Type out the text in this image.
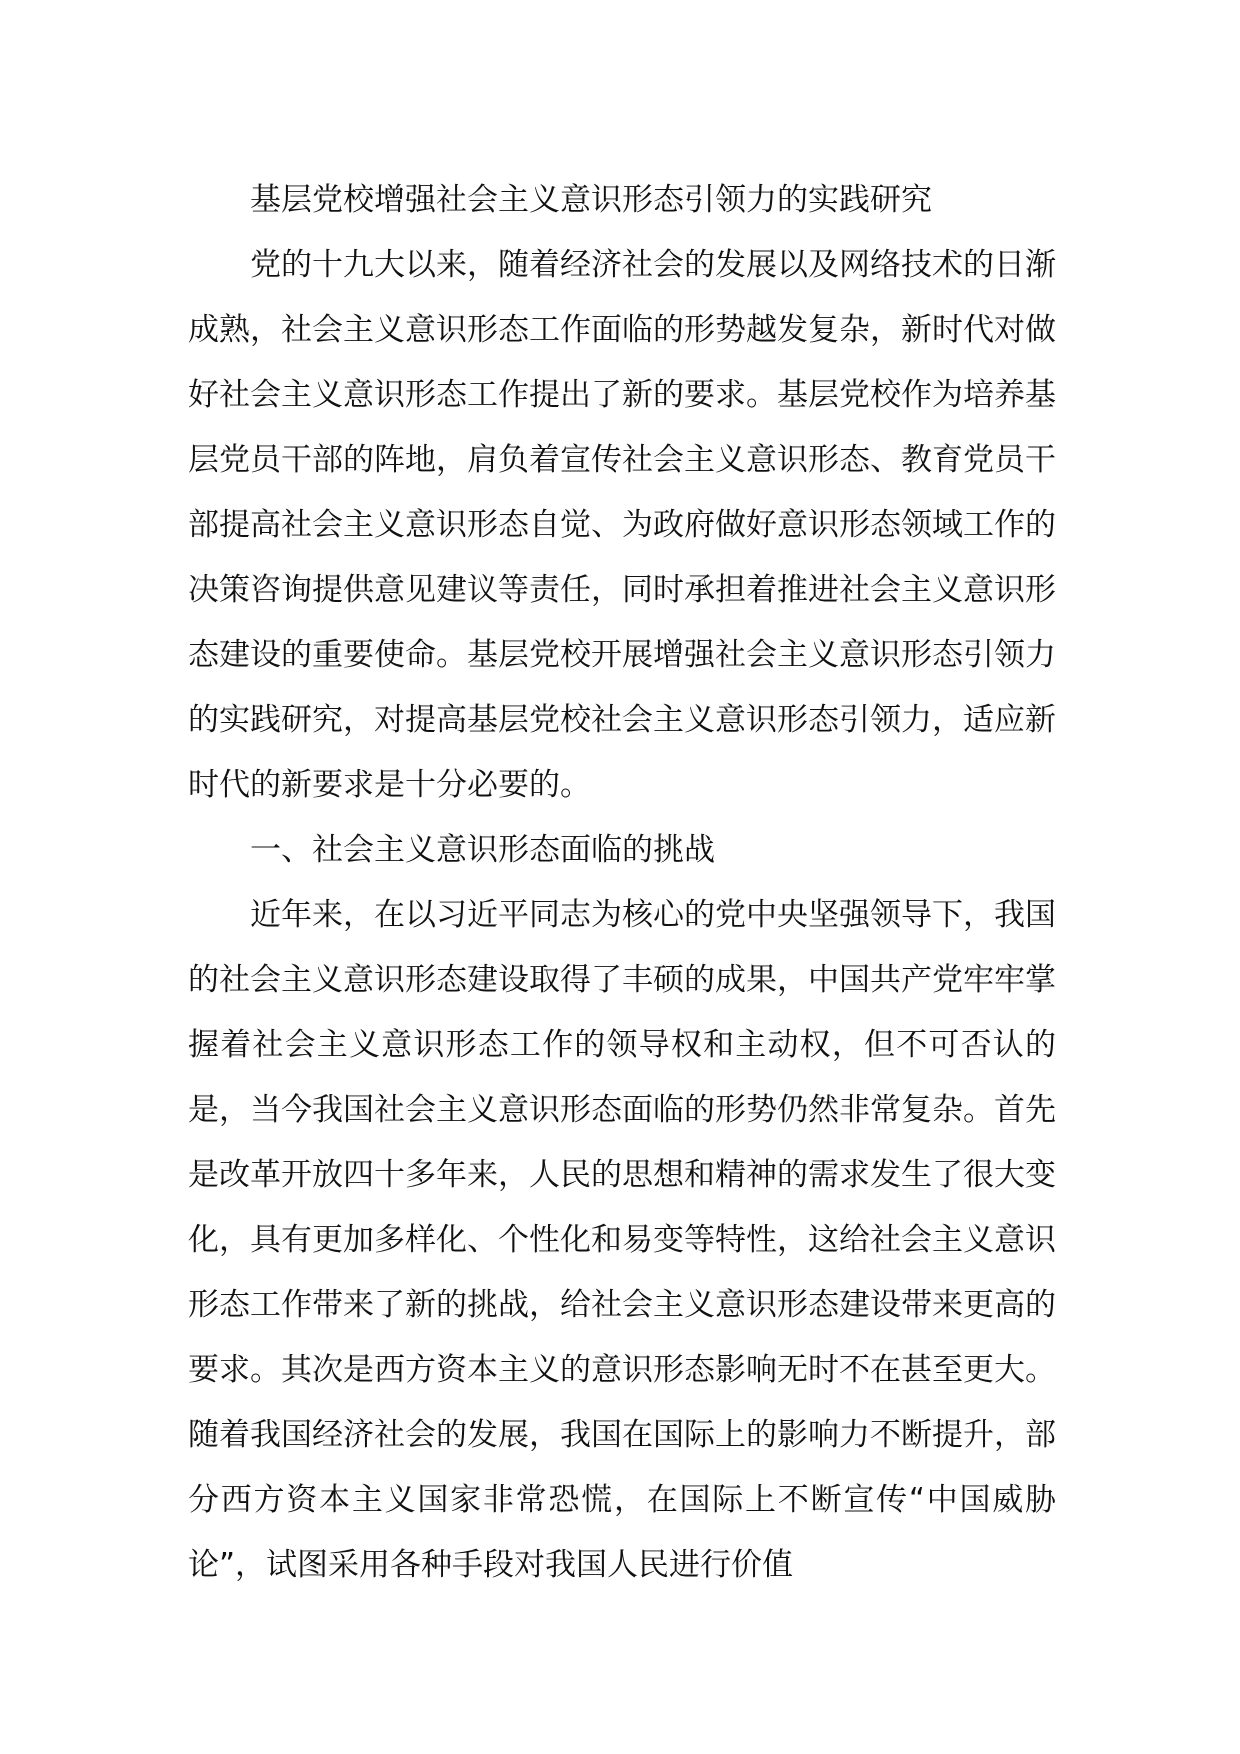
基层党校增强社会主义意识形态引领力的实践研究

党的十九大以来，随着经济社会的发展以及网络技术的日渐成熟，社会主义意识形态工作面临的形势越发复杂，新时代对做好社会主义意识形态工作提出了新的要求。基层党校作为培养基层党员干部的阵地，肩负着宣传社会主义意识形态、教育党员干部提高社会主义意识形态自觉、为政府做好意识形态领域工作的决策咨询提供意见建议等责任，同时承担着推进社会主义意识形态建设的重要使命。基层党校开展增强社会主义意识形态引领力的实践研究，对提高基层党校社会主义意识形态引领力，适应新时代的新要求是十分必要的。

一、社会主义意识形态面临的挑战

近年来，在以习近平同志为核心的党中央坚强领导下，我国的社会主义意识形态建设取得了丰硕的成果，中国共产党牢牢掌握着社会主义意识形态工作的领导权和主动权，但不可否认的是，当今我国社会主义意识形态面临的形势仍然非常复杂。首先是改革开放四十多年来，人民的思想和精神的需求发生了很大变化，具有更加多样化、个性化和易变等特性，这给社会主义意识形态工作带来了新的挑战，给社会主义意识形态建设带来更高的要求。其次是西方资本主义的意识形态影响无时不在甚至更大。随着我国经济社会的发展，我国在国际上的影响力不断提升，部分西方资本主义国家非常恐慌，在国际上不断宣传“中国威胁论”，试图采用各种手段对我国人民进行价值
